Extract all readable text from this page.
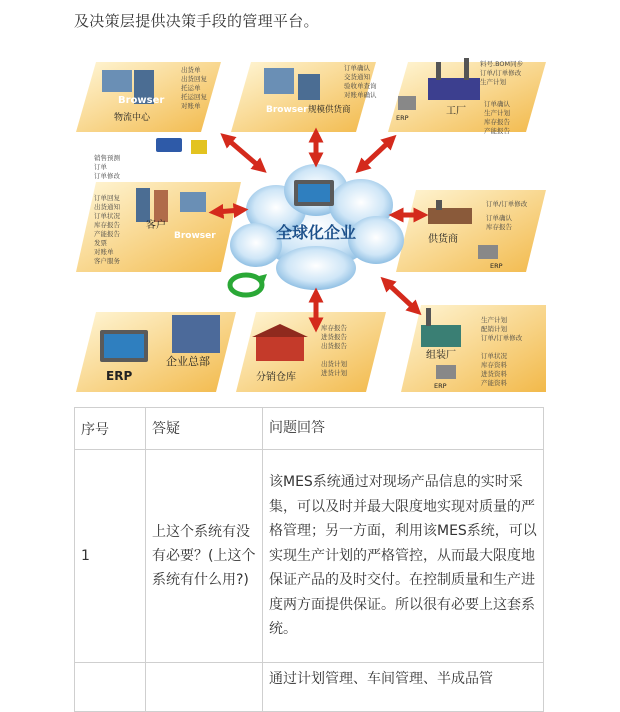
及决策层提供决策手段的管理平台。
全球化企业
Browser
物流中心
出货单
出货回复
托运单
托运回复
对账单	Browser 规模供货商
订单确认
交货通知
验收单查询
对账单确认
ERP
工厂
料号.BOM同步
订单/订单修改
生产计划
订单确认
生产计划
库存报告
产能报告
销售预测
订单
订单修改
客户
Browser
订单回复
出货通知
订单状况
库存报告
产能报告
发票
对账单
客户服务
供货商
ERP
订单/订单修改
订单确认
库存报告
ERP
企业总部
分销仓库
库存报告
进货报告
出货报告
出货计划
进货计划
组装厂
ERP
生产计划
配销计划
订单/订单修改
订单状况
库存资料
进货资料
产能资料
序号	答疑	问题回答
1	上这个系统有没有必要？(上这个系统有什么用?)	该MES系统通过对现场产品信息的实时采集，可以及时并最大限度地实现对质量的严格管理；另一方面，利用该MES系统，可以实现生产计划的严格管控，从而最大限度地保证产品的及时交付。在控制质量和生产进度两方面提供保证。所以很有必要上这套系统。
		通过计划管理、车间管理、半成品管
